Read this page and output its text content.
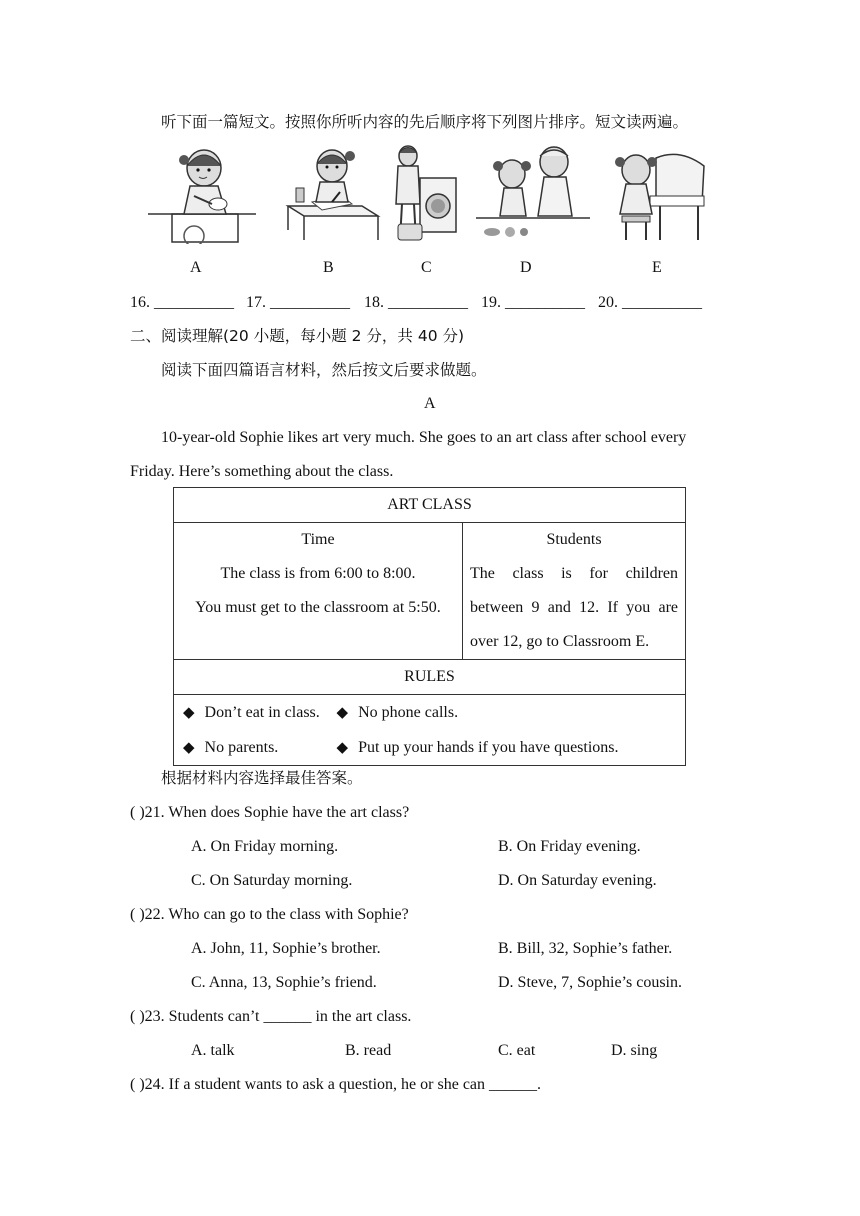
听下面一篇短文。按照你所听内容的先后顺序将下列图片排序。短文读两遍。
A	B	C	D	E
16. __________ 17. __________ 18. __________ 19. __________ 20. __________
二、阅读理解(20 小题，每小题 2 分，共 40 分)
阅读下面四篇语言材料，然后按文后要求做题。
A
10-year-old Sophie likes art very much. She goes to an art class after school every
Friday. Here’s something about the class.
ART CLASS

Time
The class is from 6:00 to 8:00.
You must get to the classroom at 5:50.

Students
The class is for children between 9 and 12. If you are over 12, go to Classroom E.

RULES

◆ Don’t eat in class. ◆ No phone calls.
◆ No parents.	◆ Put up your hands if you have questions.
根据材料内容选择最佳答案。
( )21. When does Sophie have the art class?
A. On Friday morning.	B. On Friday evening.
C. On Saturday morning.	D. On Saturday evening.
( )22. Who can go to the class with Sophie?
A. John, 11, Sophie’s brother.	B. Bill, 32, Sophie’s father.
C. Anna, 13, Sophie’s friend.	D. Steve, 7, Sophie’s cousin.
( )23. Students can’t ______ in the art class.
A. talk	B. read	C. eat	D. sing
( )24. If a student wants to ask a question, he or she can ______.
